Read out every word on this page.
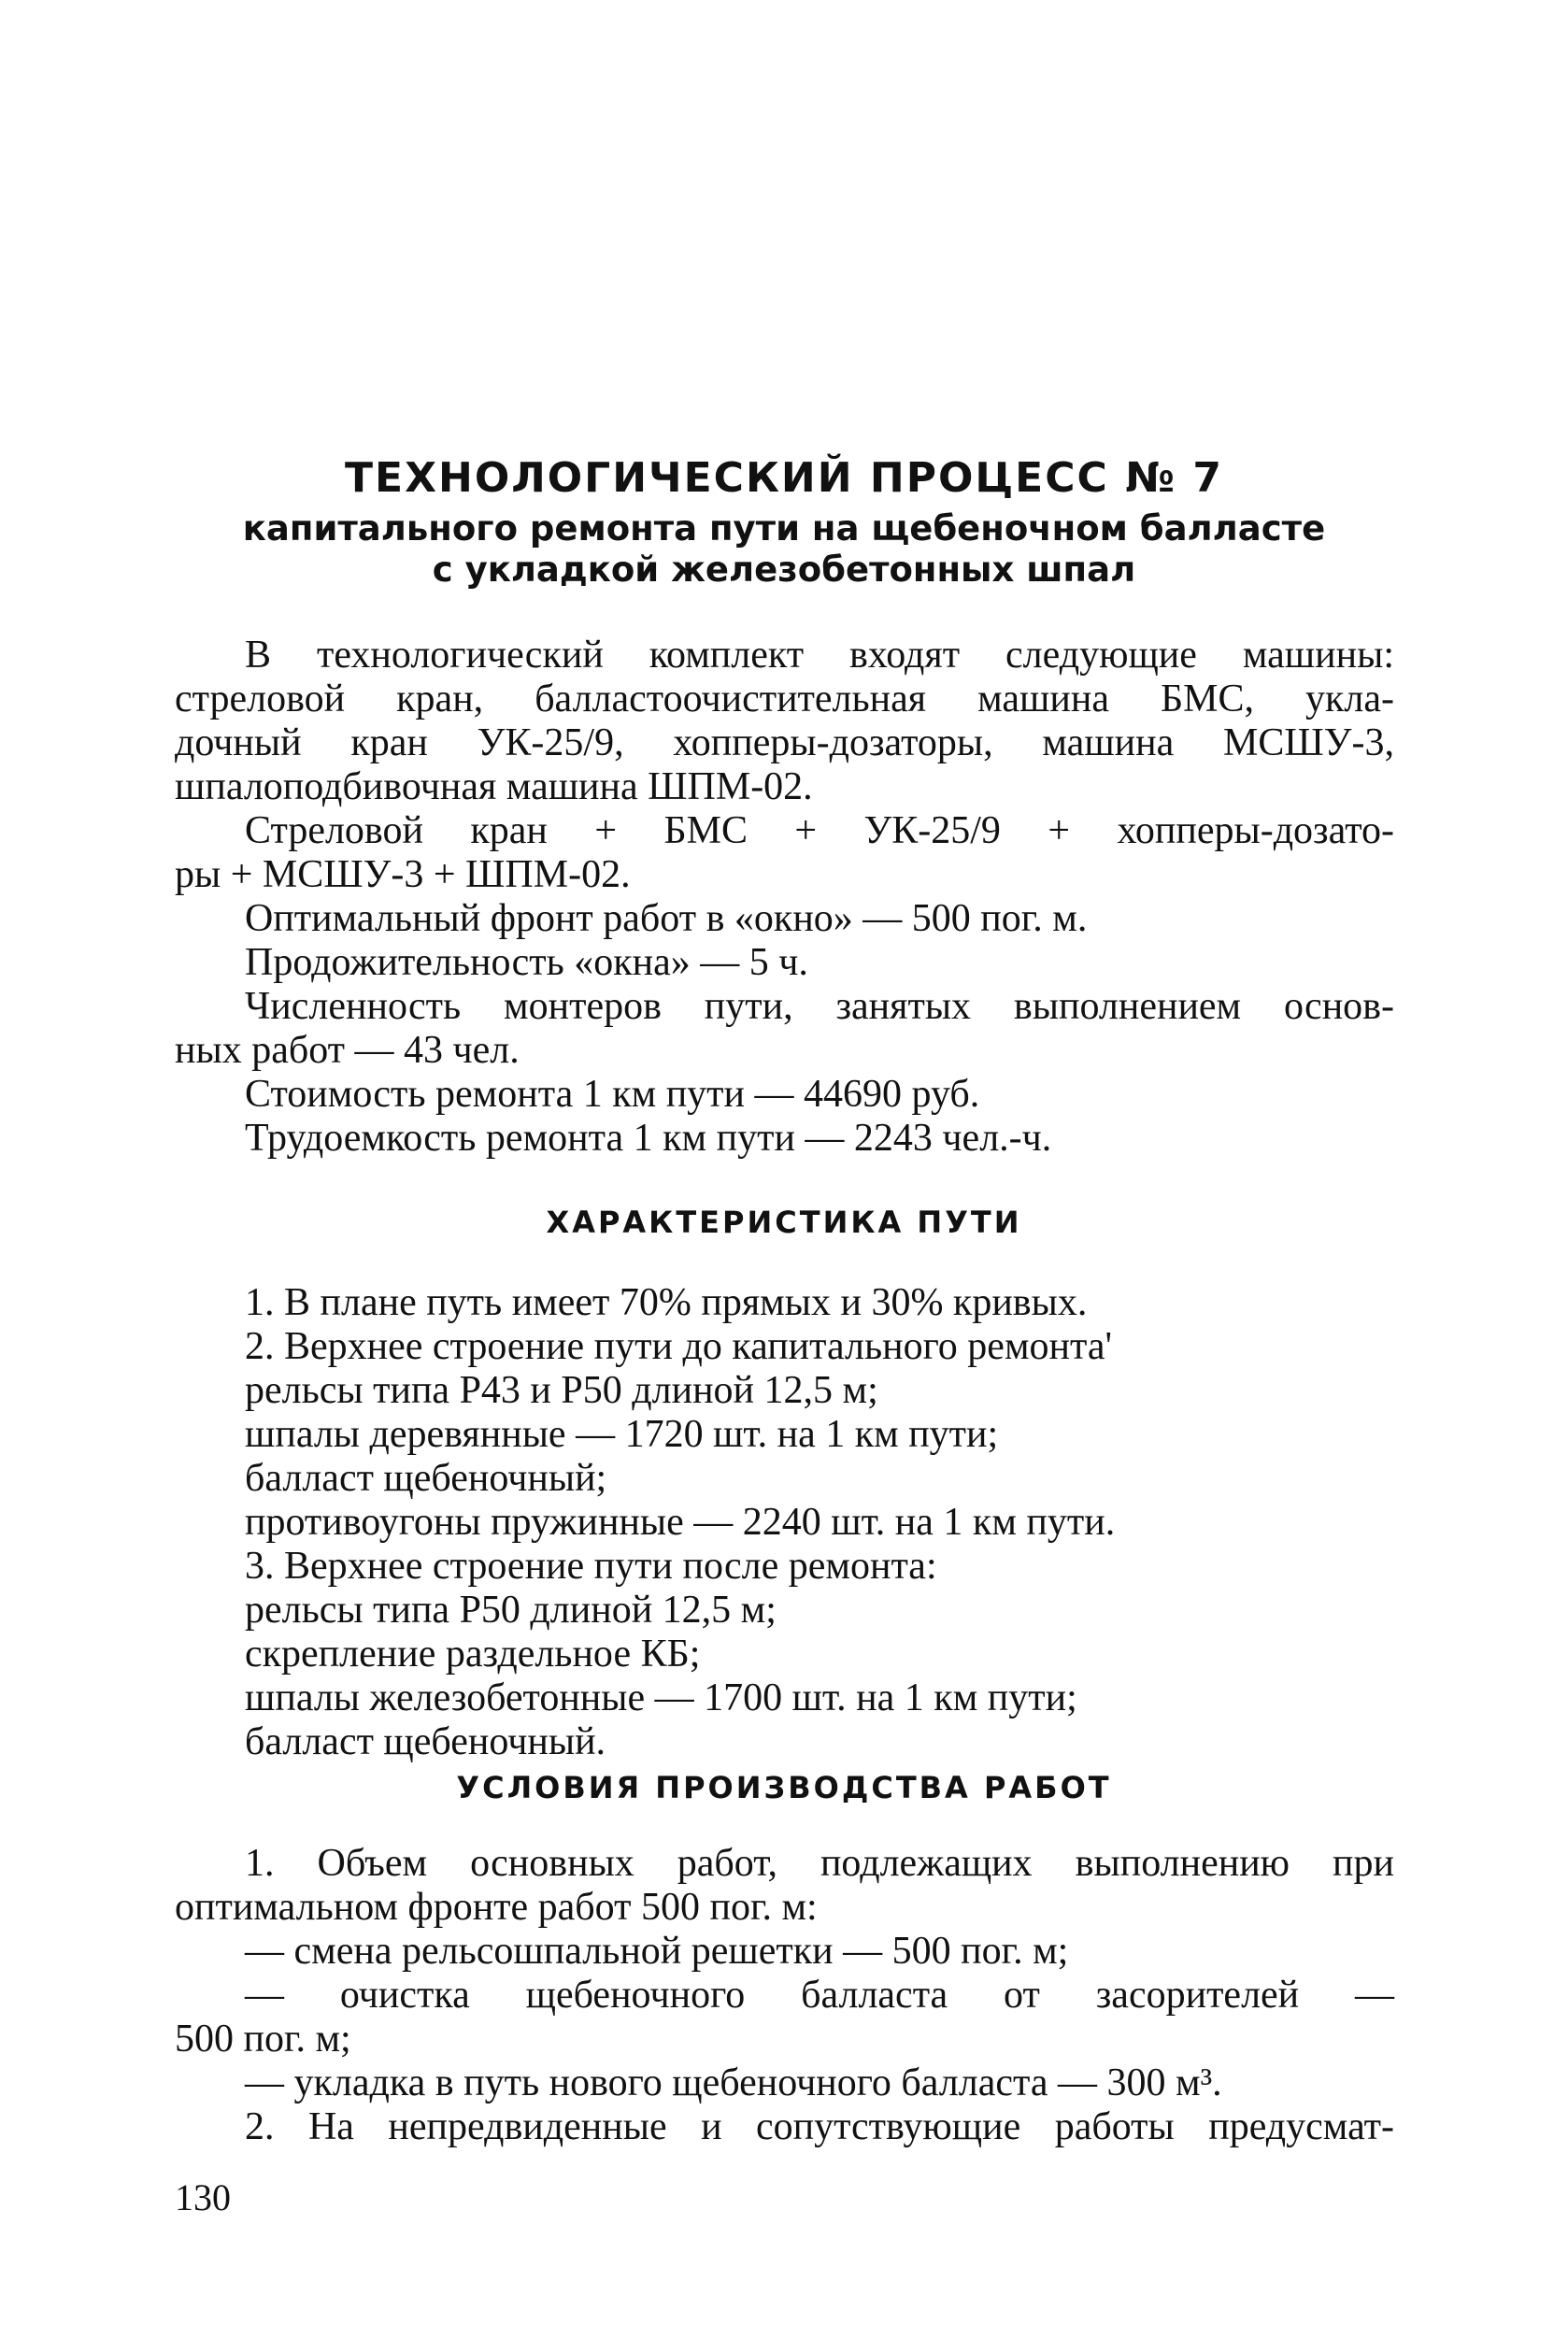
ТЕХНОЛОГИЧЕСКИЙ ПРОЦЕСС № 7
капитального ремонта пути на щебеночном балласте
с укладкой железобетонных шпал
В технологический комплект входят следующие машины:
стреловой кран, балластоочистительная машина БМС, укла-
дочный кран УК-25/9, хопперы-дозаторы, машина МСШУ-3,
шпалоподбивочная машина ШПМ-02.
Стреловой кран + БМС + УК-25/9 + хопперы-дозато-
ры + МСШУ-3 + ШПМ-02.
Оптимальный фронт работ в «окно» — 500 пог. м.
Продожительность «окна» — 5 ч.
Численность монтеров пути, занятых выполнением основ-
ных работ — 43 чел.
Стоимость ремонта 1 км пути — 44690 руб.
Трудоемкость ремонта 1 км пути — 2243 чел.-ч.
ХАРАКТЕРИСТИКА ПУТИ
1. В плане путь имеет 70% прямых и 30% кривых.
2. Верхнее строение пути до капитального ремонта'
рельсы типа Р43 и Р50 длиной 12,5 м;
шпалы деревянные — 1720 шт. на 1 км пути;
балласт щебеночный;
противоугоны пружинные — 2240 шт. на 1 км пути.
3. Верхнее строение пути после ремонта:
рельсы типа Р50 длиной 12,5 м;
скрепление раздельное КБ;
шпалы железобетонные — 1700 шт. на 1 км пути;
балласт щебеночный.
УСЛОВИЯ ПРОИЗВОДСТВА РАБОТ
1. Объем основных работ, подлежащих выполнению при
оптимальном фронте работ 500 пог. м:
— смена рельсошпальной решетки — 500 пог. м;
— очистка щебеночного балласта от засорителей —
500 пог. м;
— укладка в путь нового щебеночного балласта — 300 м³.
2. На непредвиденные и сопутствующие работы предусмат-
130
